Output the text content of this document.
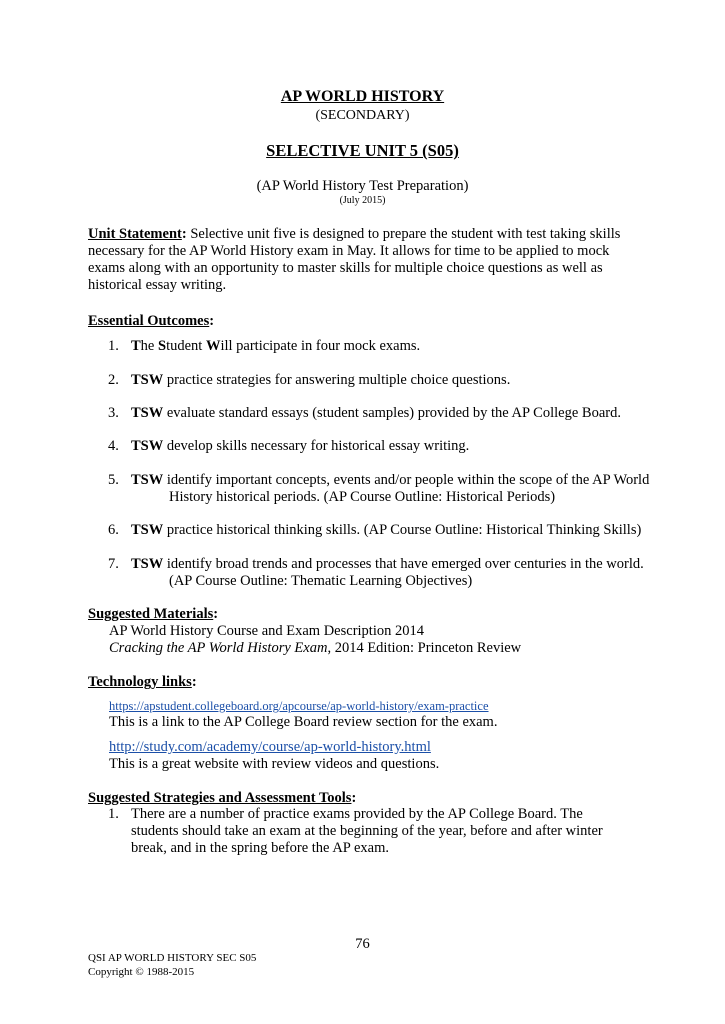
AP WORLD HISTORY

(SECONDARY)

SELECTIVE UNIT 5 (S05)

(AP World History Test Preparation)

(July 2015)

Unit Statement: Selective unit five is designed to prepare the student with test taking skills
necessary for the AP World History exam in May. It allows for time to be applied to mock
exams along with an opportunity to master skills for multiple choice questions as well as
historical essay writing.
Essential Outcomes:
1. The Student Will participate in four mock exams.
2. TSW practice strategies for answering multiple choice questions.
3. TSW evaluate standard essays (student samples) provided by the AP College Board.
4. TSW develop skills necessary for historical essay writing.
5. TSW identify important concepts, events and/or people within the scope of the AP World
History historical periods. (AP Course Outline: Historical Periods)
6. TSW practice historical thinking skills. (AP Course Outline: Historical Thinking Skills)
7. TSW identify broad trends and processes that have emerged over centuries in the world.
(AP Course Outline: Thematic Learning Objectives)
Suggested Materials:
AP World History Course and Exam Description 2014
Cracking the AP World History Exam, 2014 Edition: Princeton Review
Technology links:
https://apstudent.collegeboard.org/apcourse/ap-world-history/exam-practice
This is a link to the AP College Board review section for the exam.
http://study.com/academy/course/ap-world-history.html
This is a great website with review videos and questions.
Suggested Strategies and Assessment Tools:
1. There are a number of practice exams provided by the AP College Board. The
students should take an exam at the beginning of the year, before and after winter
break, and in the spring before the AP exam.

76

QSI AP WORLD HISTORY SEC S05

Copyright © 1988-2015
